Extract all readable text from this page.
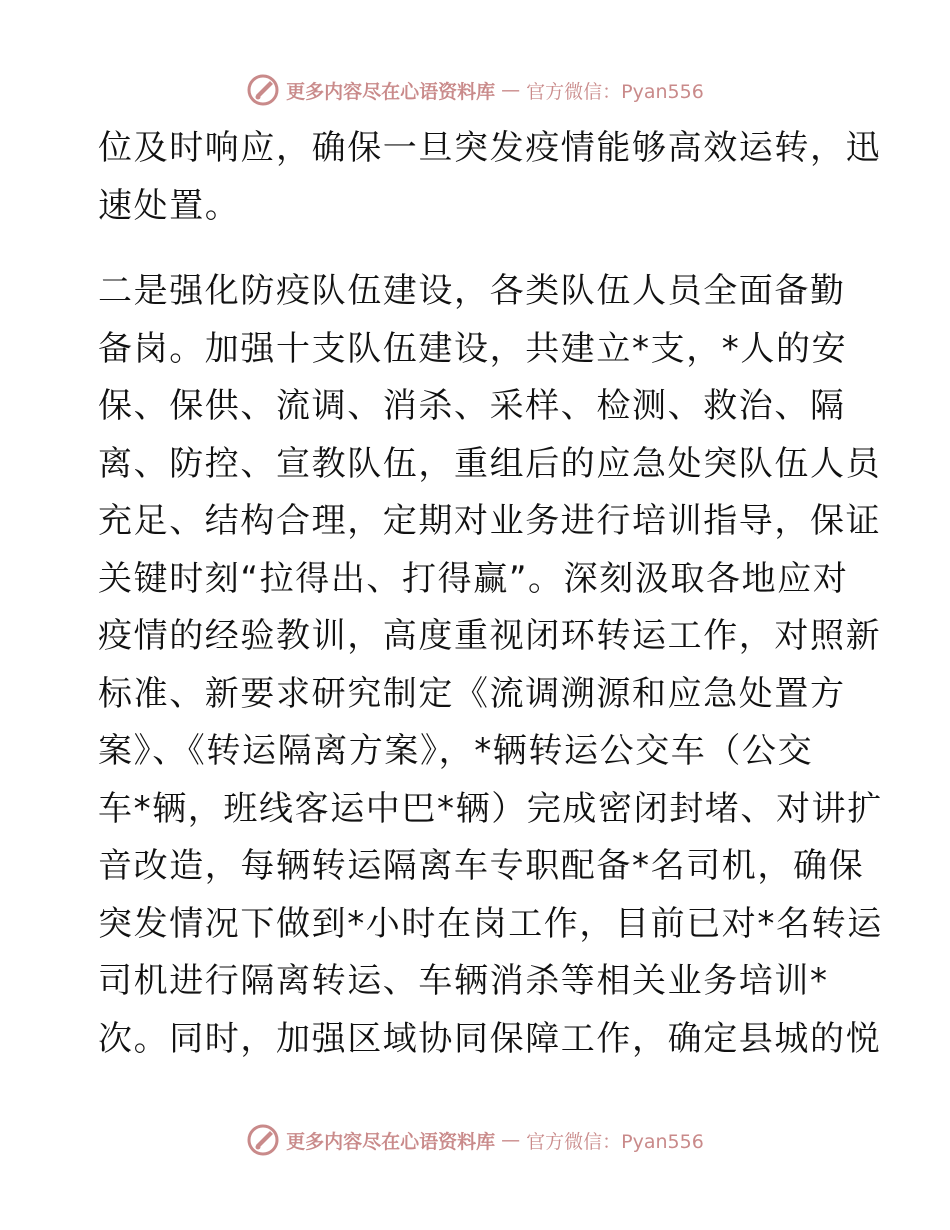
更多内容尽在心语资料库 — 官方微信：Pyan556
位及时响应，确保一旦突发疫情能够高效运转，迅
速处置。
二是强化防疫队伍建设，各类队伍人员全面备勤
备岗。加强十支队伍建设，共建立*支，*人的安
保、保供、流调、消杀、采样、检测、救治、隔
离、防控、宣教队伍，重组后的应急处突队伍人员
充足、结构合理，定期对业务进行培训指导，保证
关键时刻“拉得出、打得赢”。深刻汲取各地应对
疫情的经验教训，高度重视闭环转运工作，对照新
标准、新要求研究制定《流调溯源和应急处置方
案》、《转运隔离方案》，*辆转运公交车（公交
车*辆，班线客运中巴*辆）完成密闭封堵、对讲扩
音改造，每辆转运隔离车专职配备*名司机，确保
突发情况下做到*小时在岗工作，目前已对*名转运
司机进行隔离转运、车辆消杀等相关业务培训*
次。同时，加强区域协同保障工作，确定县城的悦
更多内容尽在心语资料库 — 官方微信：Pyan556
